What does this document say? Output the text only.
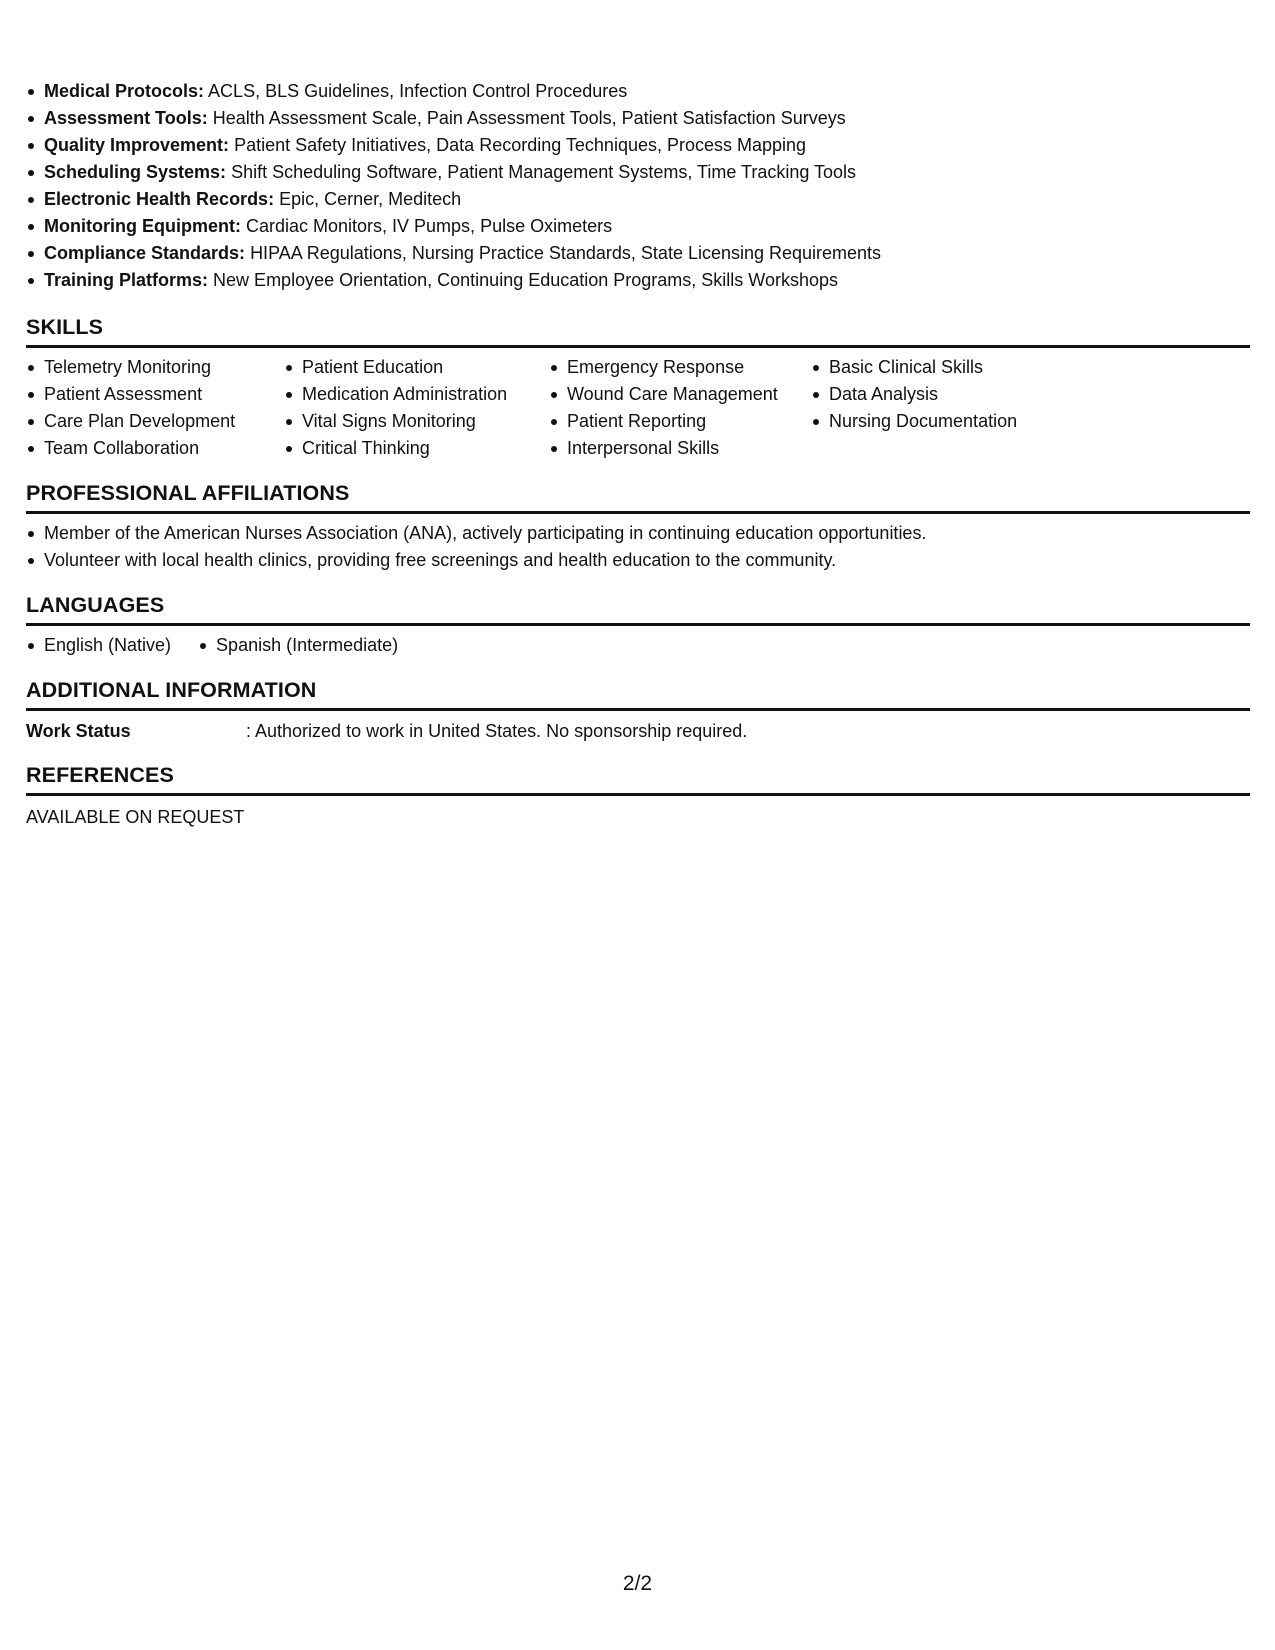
Medical Protocols: ACLS, BLS Guidelines, Infection Control Procedures
Assessment Tools: Health Assessment Scale, Pain Assessment Tools, Patient Satisfaction Surveys
Quality Improvement: Patient Safety Initiatives, Data Recording Techniques, Process Mapping
Scheduling Systems: Shift Scheduling Software, Patient Management Systems, Time Tracking Tools
Electronic Health Records: Epic, Cerner, Meditech
Monitoring Equipment: Cardiac Monitors, IV Pumps, Pulse Oximeters
Compliance Standards: HIPAA Regulations, Nursing Practice Standards, State Licensing Requirements
Training Platforms: New Employee Orientation, Continuing Education Programs, Skills Workshops
SKILLS
Telemetry Monitoring
Patient Assessment
Care Plan Development
Team Collaboration
Patient Education
Medication Administration
Vital Signs Monitoring
Critical Thinking
Emergency Response
Wound Care Management
Patient Reporting
Interpersonal Skills
Basic Clinical Skills
Data Analysis
Nursing Documentation
PROFESSIONAL AFFILIATIONS
Member of the American Nurses Association (ANA), actively participating in continuing education opportunities.
Volunteer with local health clinics, providing free screenings and health education to the community.
LANGUAGES
English (Native)	Spanish (Intermediate)
ADDITIONAL INFORMATION
Work Status	: Authorized to work in United States. No sponsorship required.
REFERENCES
AVAILABLE ON REQUEST
2/2
